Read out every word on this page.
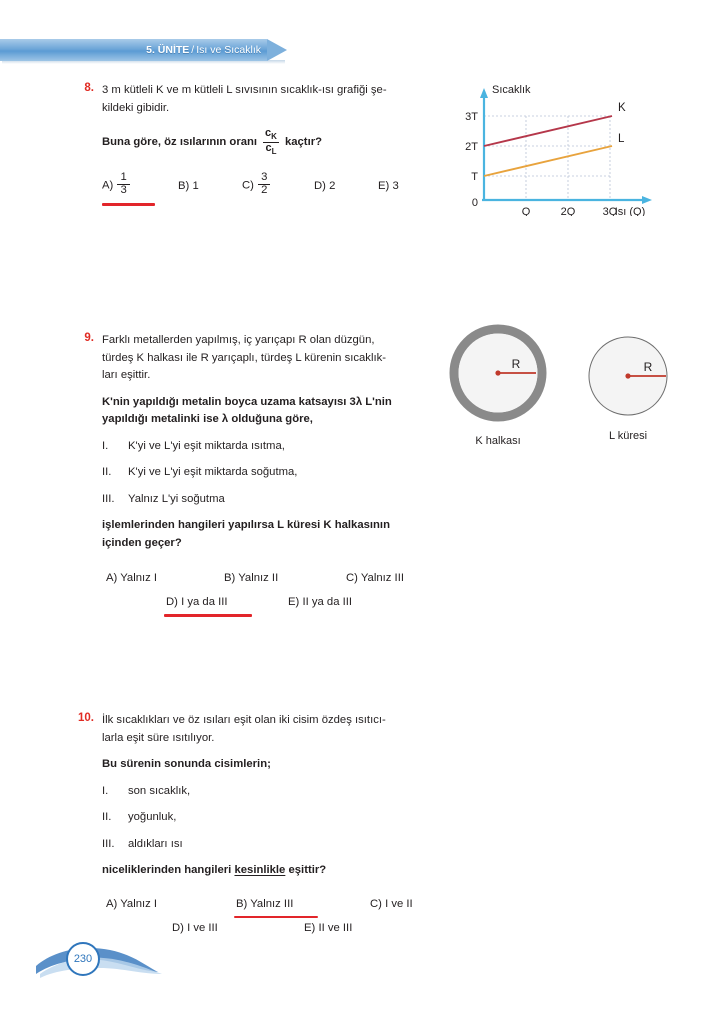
5. ÜNİTE / Isı ve Sıcaklık
8. 3 m kütleli K ve m kütleli L sıvısının sıcaklık-ısı grafiği şe-
kildeki gibidir.
Buna göre, öz ısılarının oranı $\frac{c_K}{c_L}$ kaçtır?
$A) \frac{1}{3}$	B) 1	$C) \frac{3}{2}$	D) 2	E) 3
K
L
3T
2T
T
0
Q	2Q 3Q
Sıcaklık
Isı (Q)
9. Farklı metallerden yapılmış, iç yarıçapı R olan düzgün,
türdeş K halkası ile R yarıçaplı, türdeş L kürenin sıcaklık-
ları eşittir.
K'nin yapıldığı metalin boyca uzama katsayısı 3λ L'nin
yapıldığı metalinki ise λ olduğuna göre,
I.	K'yi ve L'yi eşit miktarda ısıtma,
II.	K'yi ve L'yi eşit miktarda soğutma,
III.	Yalnız L'yi soğutma
işlemlerinden hangileri yapılırsa L küresi K halkasının
içinden geçer?
A) Yalnız I	B) Yalnız II	C) Yalnız III
D) I ya da III	E) II ya da III
R
K halkası
R
L küresi
10. İlk sıcaklıkları ve öz ısıları eşit olan iki cisim özdeş ısıtıcı-
larla eşit süre ısıtılıyor.
Bu sürenin sonunda cisimlerin;
I.	son sıcaklık,
II.	yoğunluk,
III.	aldıkları ısı
niceliklerinden hangileri kesinlikle eşittir?
A) Yalnız I	B) Yalnız III	C) I ve II
D) I ve III	E) II ve III
230
